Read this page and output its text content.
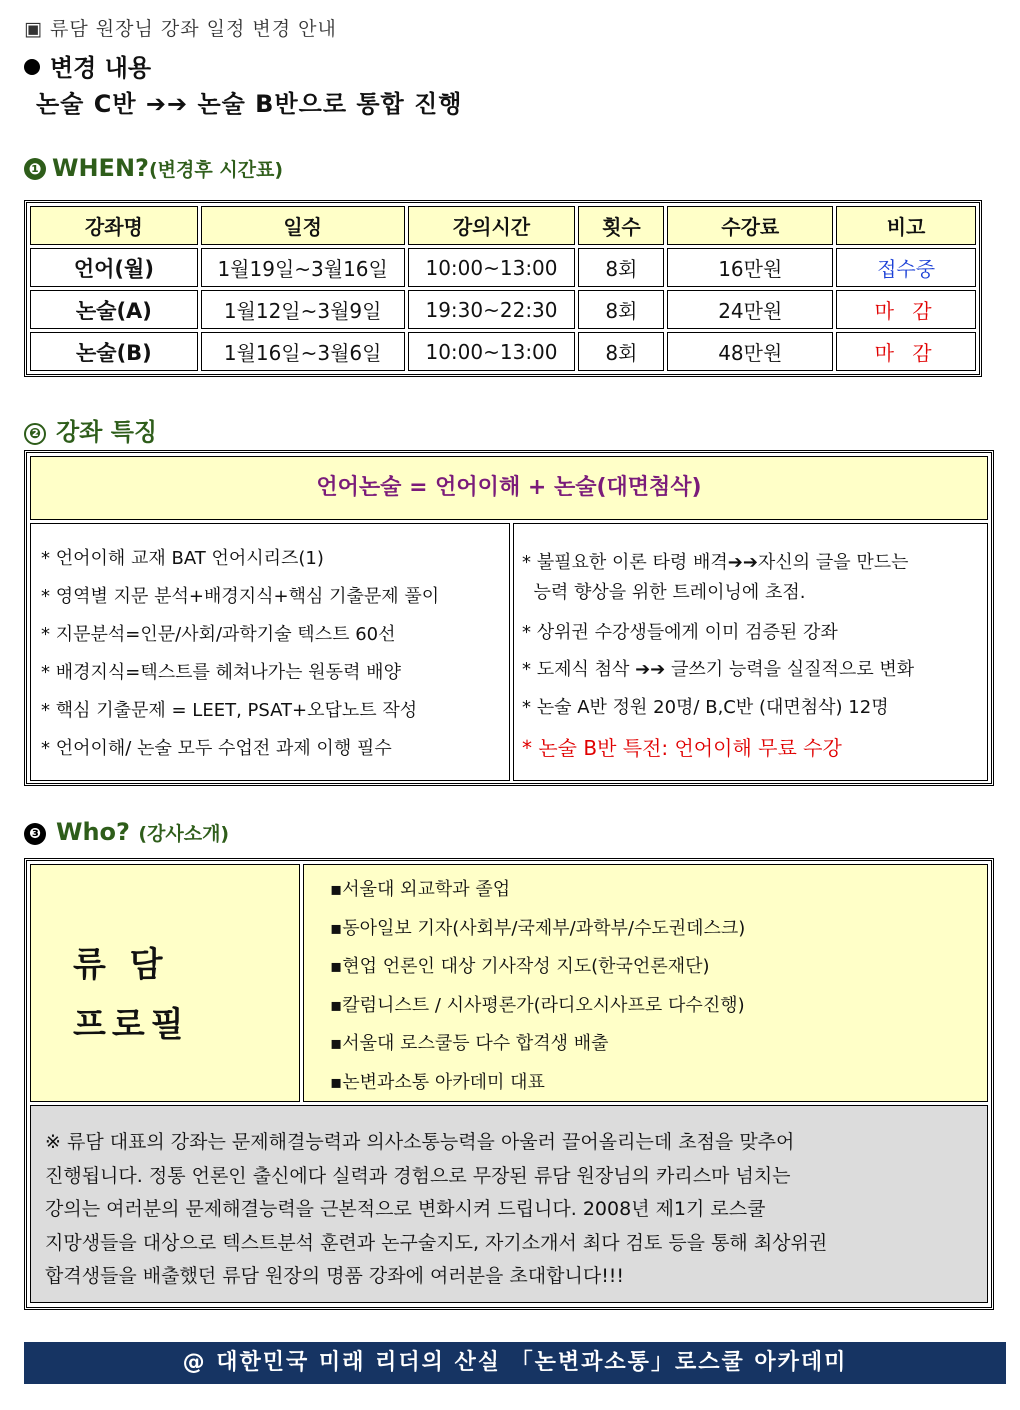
▣ 류담 원장님 강좌 일정 변경 안내
변경 내용
논술 C반 ➔➔ 논술 B반으로 통합 진행
❶ WHEN?(변경후 시간표)
강좌명	일정	강의시간	횟수	수강료	비고
언어(월)	1월19일~3월16일	10:00~13:00	8회	16만원	접수중
논술(A)	1월12일~3월9일	19:30~22:30	8회	24만원	마 감
논술(B)	1월16일~3월6일	10:00~13:00	8회	48만원	마 감
❷ 강좌 특징
언어논술 = 언어이해 + 논술(대면첨삭)
* 언어이해 교재 BAT 언어시리즈(1)
* 영역별 지문 분석+배경지식+핵심 기출문제 풀이
* 지문분석=인문/사회/과학기술 텍스트 60선
* 배경지식=텍스트를 헤쳐나가는 원동력 배양
* 핵심 기출문제 = LEET, PSAT+오답노트 작성
* 언어이해/ 논술 모두 수업전 과제 이행 필수
* 불필요한 이론 타령 배격➔➔자신의 글을 만드는
능력 향상을 위한 트레이닝에 초점.
* 상위권 수강생들에게 이미 검증된 강좌
* 도제식 첨삭 ➔➔ 글쓰기 능력을 실질적으로 변화
* 논술 A반 정원 20명/ B,C반 (대면첨삭) 12명
* 논술 B반 특전: 언어이해 무료 수강
❸ Who? (강사소개)
류 담
프로필
▪서울대 외교학과 졸업
▪동아일보 기자(사회부/국제부/과학부/수도권데스크)
▪현업 언론인 대상 기사작성 지도(한국언론재단)
▪칼럼니스트 / 시사평론가(라디오시사프로 다수진행)
▪서울대 로스쿨등 다수 합격생 배출
▪논변과소통 아카데미 대표
※ 류담 대표의 강좌는 문제해결능력과 의사소통능력을 아울러 끌어올리는데 초점을 맞추어
진행됩니다. 정통 언론인 출신에다 실력과 경험으로 무장된 류담 원장님의 카리스마 넘치는
강의는 여러분의 문제해결능력을 근본적으로 변화시켜 드립니다. 2008년 제1기 로스쿨
지망생들을 대상으로 텍스트분석 훈련과 논구술지도, 자기소개서 최다 검토 등을 통해 최상위권
합격생들을 배출했던 류담 원장의 명품 강좌에 여러분을 초대합니다!!!
@ 대한민국 미래 리더의 산실 「논변과소통」로스쿨 아카데미
